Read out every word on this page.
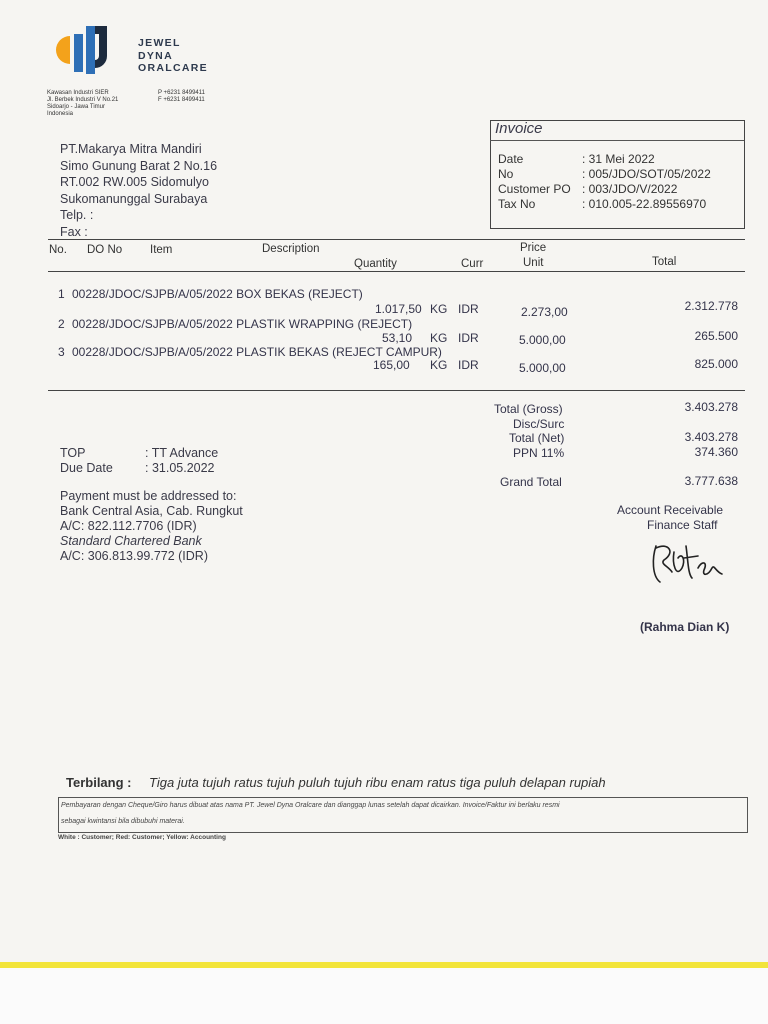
JEWEL
DYNA
ORALCARE
Kawasan Industri SIER
Jl. Berbek Industri V No.21
Sidoarjo - Jawa Timur
Indonesia
P +6231 8499411
F +6231 8499411
PT.Makarya Mitra Mandiri
Simo Gunung Barat 2 No.16
RT.002 RW.005 Sidomulyo
Sukomanunggal Surabaya
Telp. :
Fax :
Invoice
Date	: 31 Mei 2022
No	: 005/JDO/SOT/05/2022
Customer PO : 003/JDO/V/2022
Tax No	: 010.005-22.89556970
No. DO No Item	Description	Price
Quantity	Curr	Unit	Total
1 00228/JDOC/SJPB/A/05/2022 BOX BEKAS (REJECT)
1.017,50 KG IDR	2.273,00	2.312.778
2 00228/JDOC/SJPB/A/05/2022 PLASTIK WRAPPING (REJECT)
53,10 KG IDR	5.000,00	265.500
3 00228/JDOC/SJPB/A/05/2022 PLASTIK BEKAS (REJECT CAMPUR)
165,00 KG IDR	5.000,00	825.000
Total (Gross)	3.403.278
Disc/Surc
Total (Net)	3.403.278
PPN 11%	374.360
Grand Total	3.777.638
TOP	: TT Advance
Due Date	: 31.05.2022
Payment must be addressed to:
Bank Central Asia, Cab. Rungkut
A/C: 822.112.7706 (IDR)
Standard Chartered Bank
A/C: 306.813.99.772 (IDR)
Account Receivable
Finance Staff
(Rahma Dian K)
Terbilang : Tiga juta tujuh ratus tujuh puluh tujuh ribu enam ratus tiga puluh delapan rupiah
Pembayaran dengan Cheque/Giro harus dibuat atas nama PT. Jewel Dyna Oralcare dan dianggap lunas setelah dapat dicairkan. Invoice/Faktur ini berlaku resmi
sebagai kwintansi bila dibubuhi materai.
White : Customer; Red: Customer; Yellow: Accounting
